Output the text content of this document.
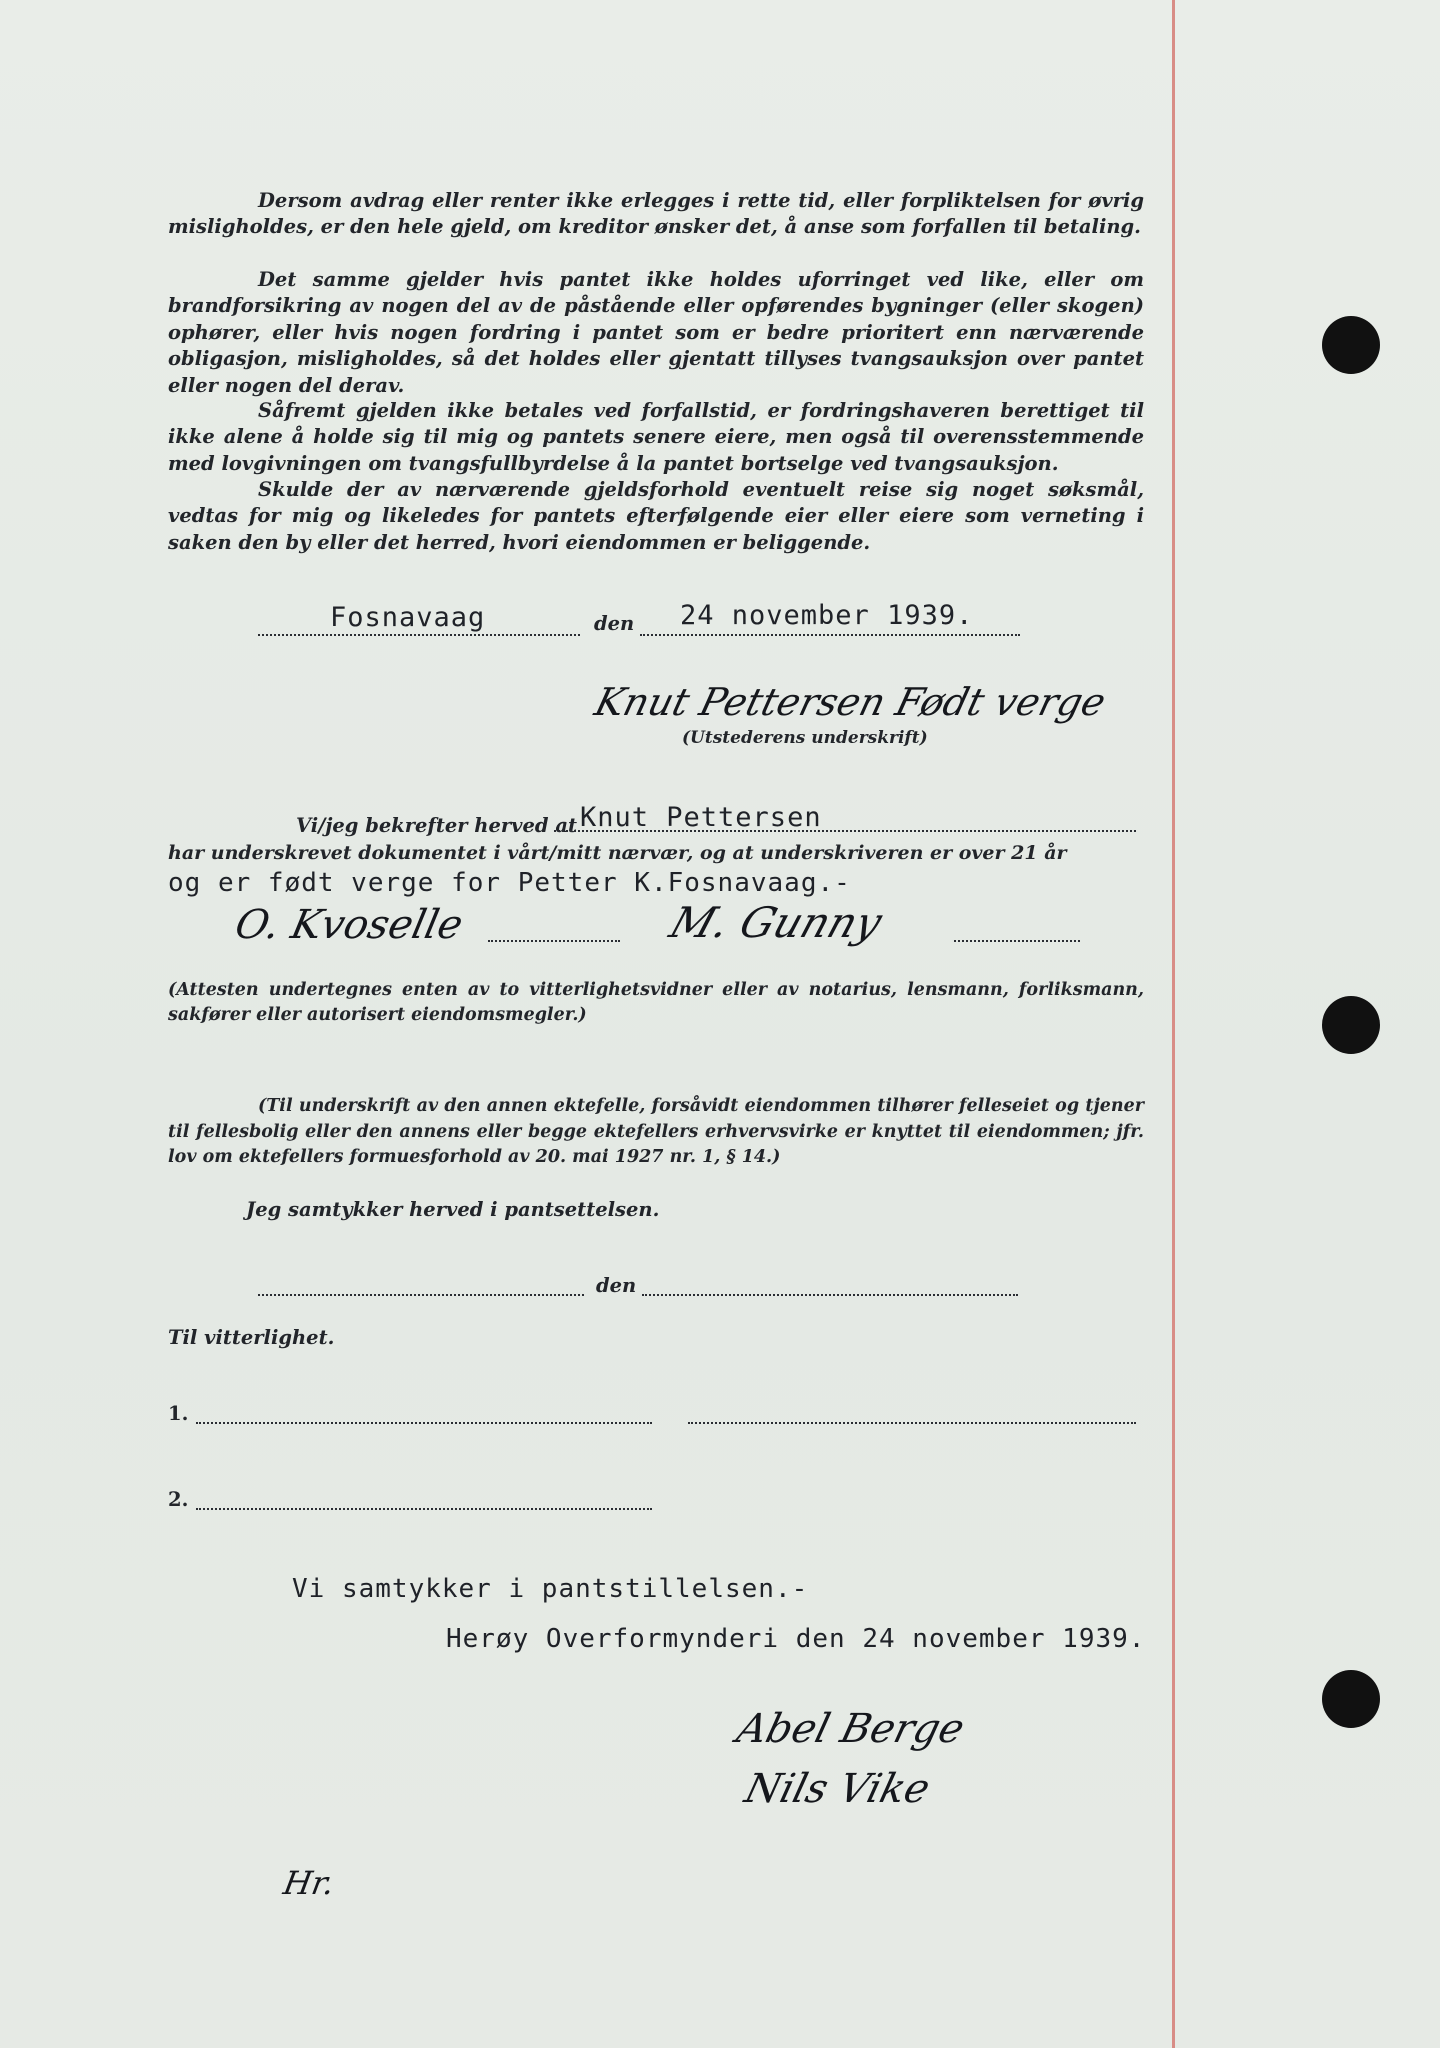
Dersom avdrag eller renter ikke erlegges i rette tid, eller forpliktelsen for øvrig misligholdes, er den hele gjeld, om kreditor ønsker det, å anse som forfallen til betaling.

Det samme gjelder hvis pantet ikke holdes uforringet ved like, eller om brandforsikring av nogen del av de påstående eller opførendes bygninger (eller skogen) ophører, eller hvis nogen fordring i pantet som er bedre prioritert enn nærværende obligasjon, misligholdes, så det holdes eller gjentatt tillyses tvangsauksjon over pantet eller nogen del derav.

Såfremt gjelden ikke betales ved forfallstid, er fordringshaveren berettiget til ikke alene å holde sig til mig og pantets senere eiere, men også til overensstemmende med lovgivningen om tvangsfullbyrdelse å la pantet bortselge ved tvangsauksjon.

Skulde der av nærværende gjeldsforhold eventuelt reise sig noget søksmål, vedtas for mig og likeledes for pantets efterfølgende eier eller eiere som verneting i saken den by eller det herred, hvori eiendommen er beliggende.

Fosnavaag	den 24 november 1939.
Knut Pettersen Født verge
(Utstederens underskrift)
Vi/jeg bekrefter herved at Knut Pettersen
har underskrevet dokumentet i vårt/mitt nærvær, og at underskriveren er over 21 år
og er født verge for Petter K.Fosnavaag.-
O. Kvoselle	M. Gunny

(Attesten undertegnes enten av to vitterlighetsvidner eller av notarius, lensmann, forliksmann, sakfører eller autorisert eiendomsmegler.)

(Til underskrift av den annen ektefelle, forsåvidt eiendommen tilhører felleseiet og tjener til fellesbolig eller den annens eller begge ektefellers erhvervsvirke er knyttet til eiendommen; jfr. lov om ektefellers formuesforhold av 20. mai 1927 nr. 1, § 14.)

Jeg samtykker herved i pantsettelsen.
den
Til vitterlighet.
1.
2.
Vi samtykker i pantstillelsen.-
Herøy Overformynderi den 24 november 1939.
Abel Berge
Nils Vike
Hr.
